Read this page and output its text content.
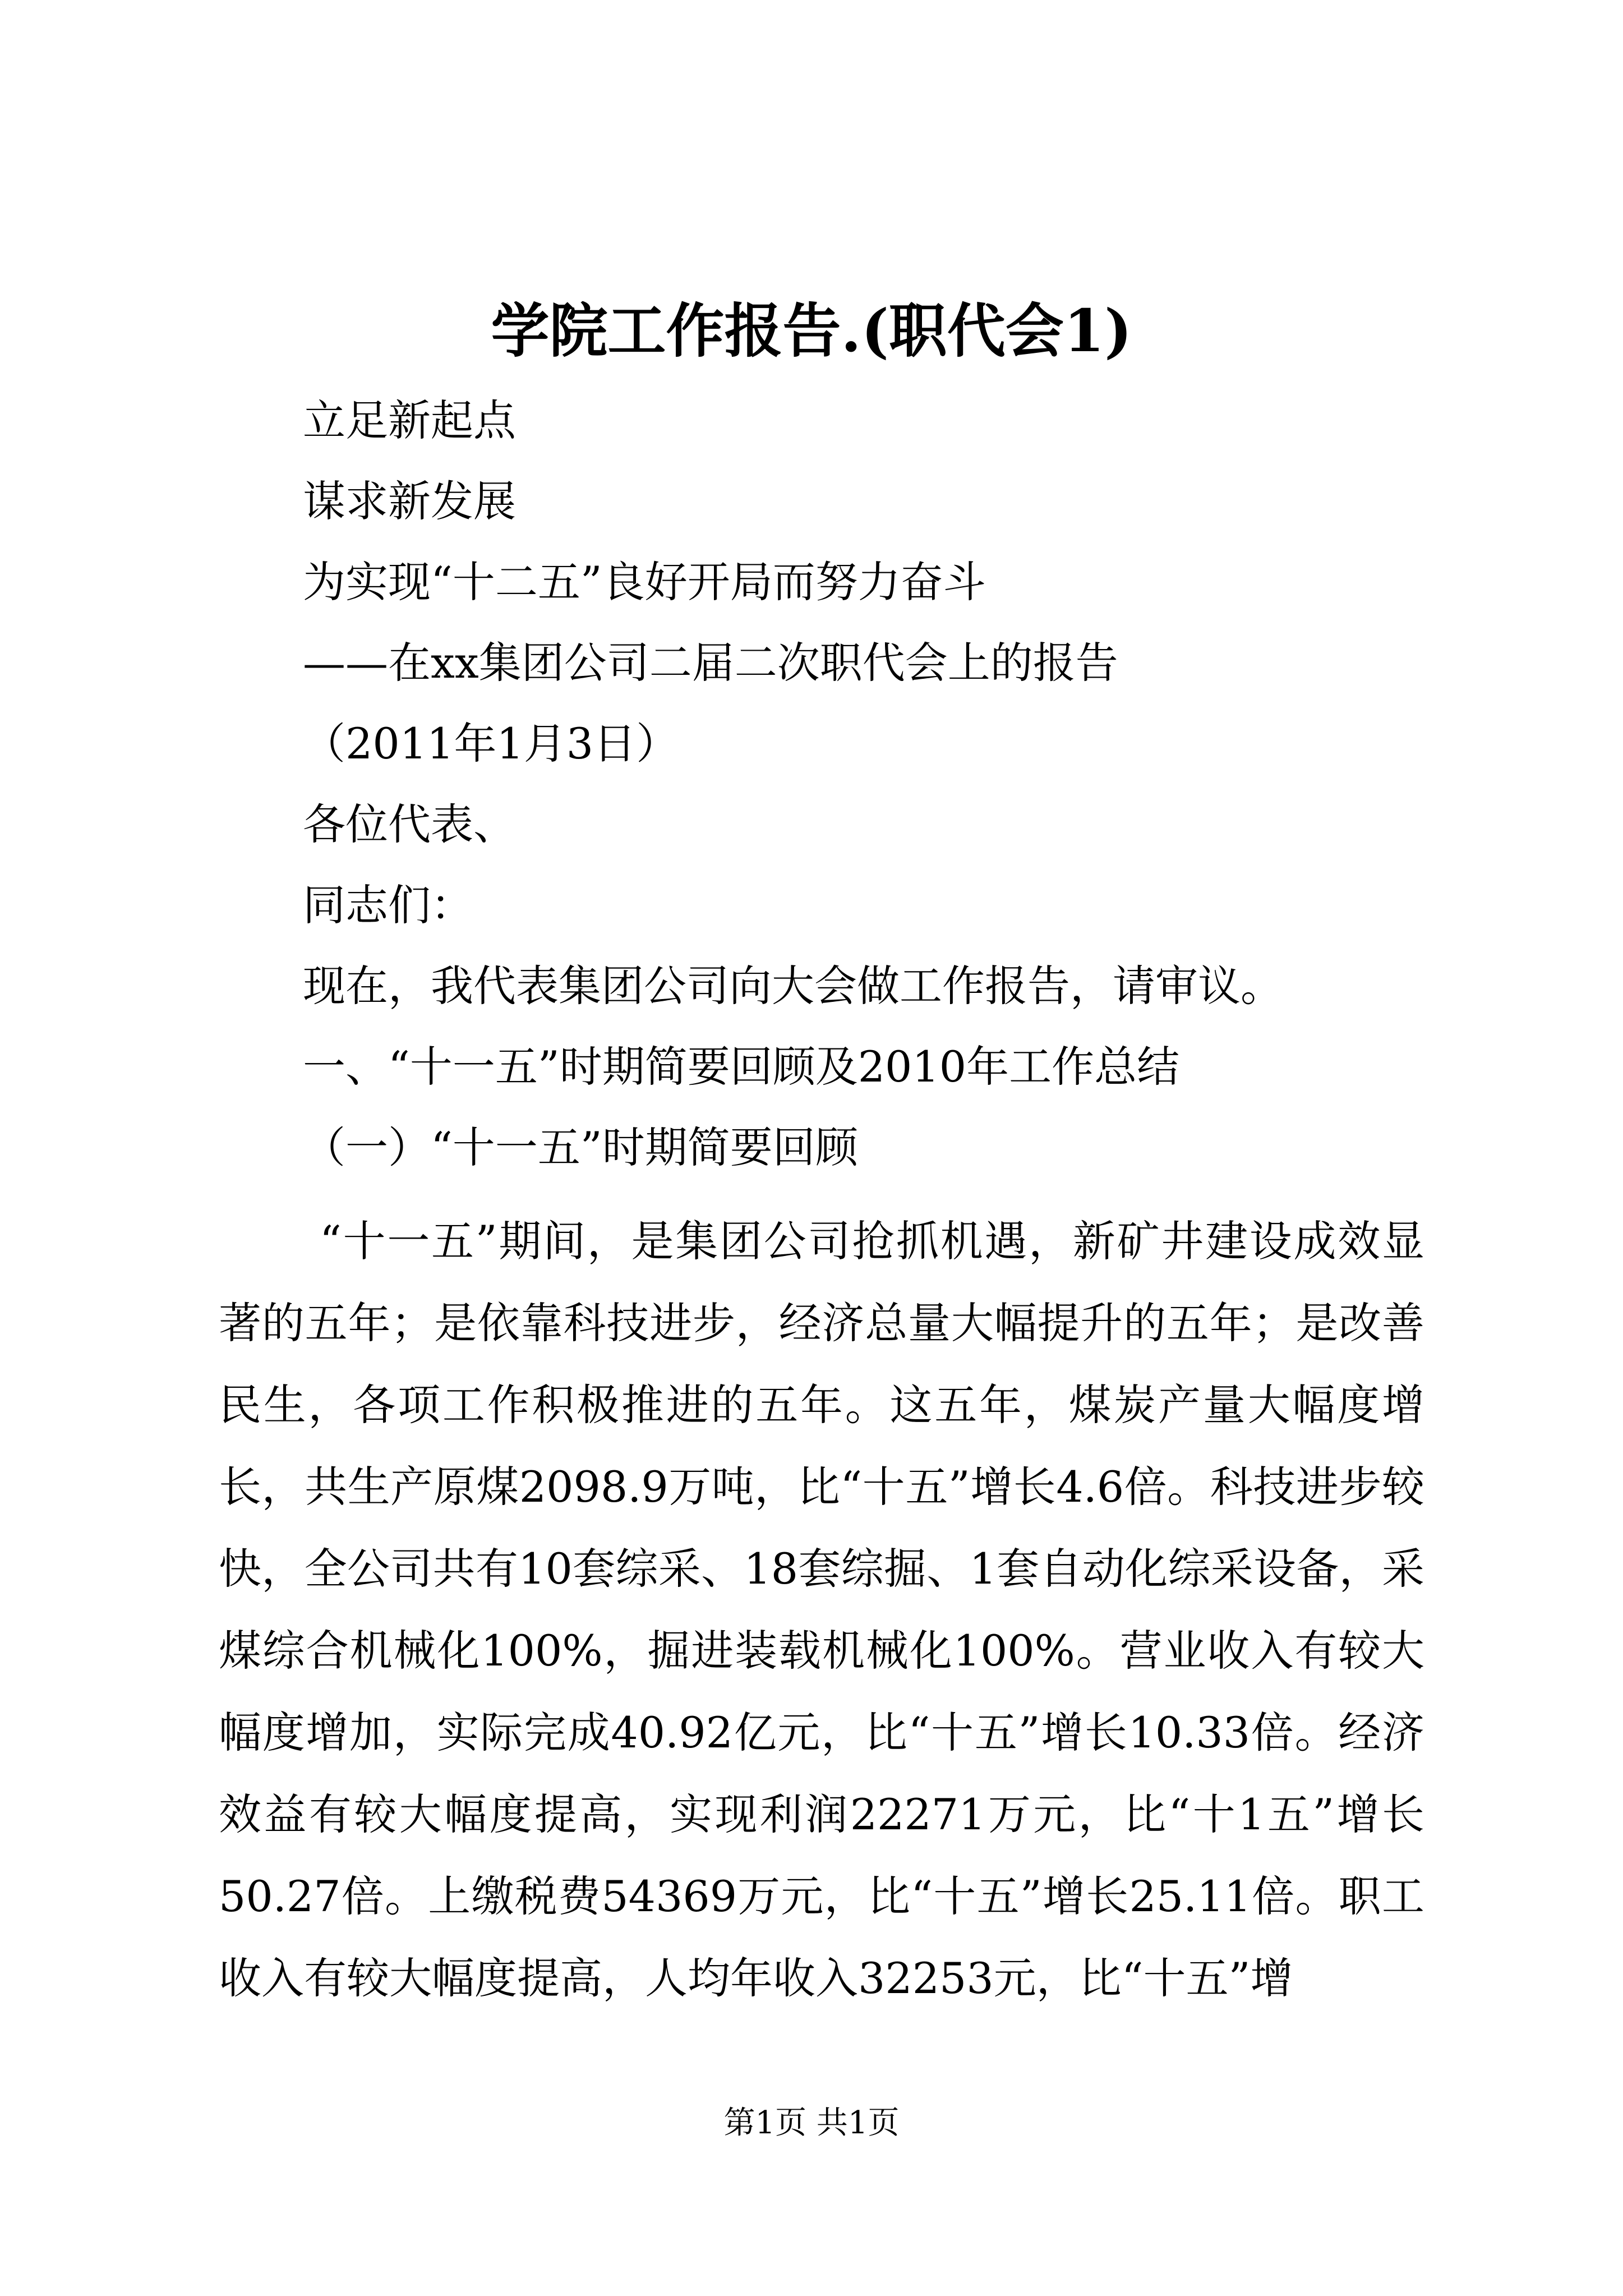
学院工作报告.(职代会1)
立足新起点
谋求新发展
为实现“十二五”良好开局而努力奋斗
——在xx集团公司二届二次职代会上的报告
（2011年1月3日）
各位代表、
同志们：
现在，我代表集团公司向大会做工作报告，请审议。
一、“十一五”时期简要回顾及2010年工作总结
（一）“十一五”时期简要回顾
“十一五”期间，是集团公司抢抓机遇，新矿井建设成效显著的五年；是依靠科技进步，经济总量大幅提升的五年；是改善民生，各项工作积极推进的五年。这五年，煤炭产量大幅度增长，共生产原煤2098.9万吨，比“十五”增长4.6倍。科技进步较快，全公司共有10套综采、18套综掘、1套自动化综采设备，采煤综合机械化100%，掘进装载机械化100%。营业收入有较大幅度增加，实际完成40.92亿元，比“十五”增长10.33倍。经济效益有较大幅度提高，实现利润22271万元，比“十1五”增长50.27倍。上缴税费54369万元，比“十五”增长25.11倍。职工收入有较大幅度提高，人均年收入32253元，比“十五”增
第1页 共1页
